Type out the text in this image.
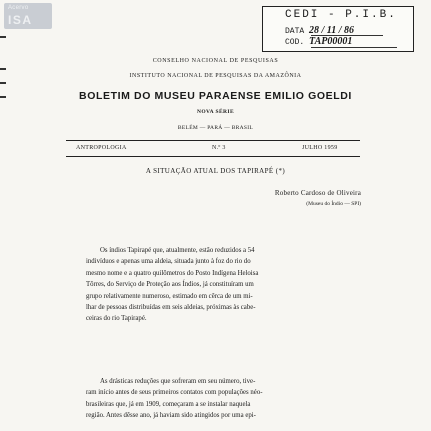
Acervo
ISA	CEDI - P.I.B.
DATA 28 / 11 / 86
COD. TAP00001
CONSELHO NACIONAL DE PESQUISAS
INSTITUTO NACIONAL DE PESQUISAS DA AMAZÔNIA
BOLETIM DO MUSEU PARAENSE EMILIO GOELDI
NOVA SÉRIE
BELÉM — PARÁ — BRASIL
ANTROPOLOGIA	N.º 3	JULHO 1959
A SITUAÇÃO ATUAL DOS TAPIRAPÉ (*)
Roberto Cardoso de Oliveira
(Museu do Índio — SPI)
Os índios Tapirapé que, atualmente, estão reduzidos a 54
indivíduos e apenas uma aldeia, situada junto à foz do rio do
mesmo nome e a quatro quilômetros do Posto Indígena Heloisa
Tôrres, do Serviço de Proteção aos Índios, já constituíram um
grupo relativamente numeroso, estimado em cêrca de um mi-
lhar de pessoas distribuídas em seis aldeias, próximas às cabe-
ceiras do rio Tapirapé.
As drásticas reduções que sofreram em seu número, tive-
ram início antes de seus primeiros contatos com populações néo-
brasileiras que, já em 1909, começaram a se instalar naquela
região. Antes dêsse ano, já haviam sido atingidos por uma epi-
